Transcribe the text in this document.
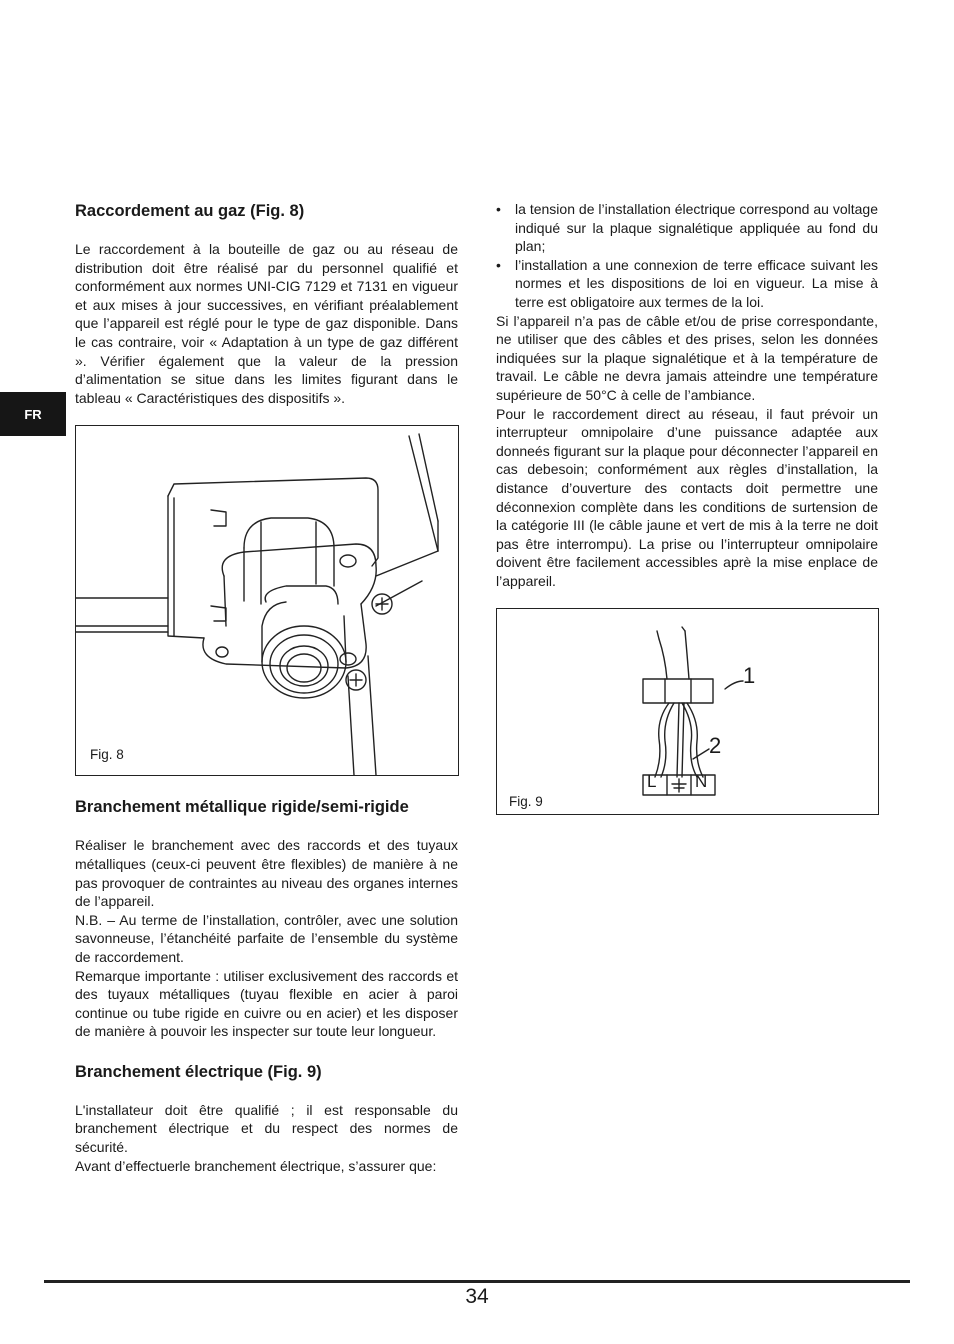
FR
Raccordement au gaz (Fig. 8)

Le raccordement à la bouteille de gaz ou au réseau de distribution doit être réalisé par du personnel qualifié et conformément aux normes UNI-CIG 7129 et 7131 en vigueur et aux mises à jour successives, en vérifiant préalablement que l’appareil est réglé pour le type de gaz disponible. Dans le cas contraire, voir « Adaptation à un type de gaz différent ». Vérifier également que la valeur de la pression d’alimentation se situe dans les limites figurant dans le tableau « Caractéristiques des dispositifs ».

Fig. 8
Branchement métallique rigide/semi-rigide

Réaliser le branchement avec des raccords et des tuyaux métalliques (ceux-ci peuvent être flexibles) de manière à ne pas provoquer de contraintes au niveau des organes internes de l’appareil.

N.B. – Au terme de l’installation, contrôler, avec une solution savonneuse, l’étanchéité parfaite de l’ensemble du système de raccordement.

Remarque importante : utiliser exclusivement des raccords et des tuyaux métalliques (tuyau flexible en acier à paroi continue ou tube rigide en cuivre ou en acier) et les disposer de manière à pouvoir les inspecter sur toute leur longueur.

Branchement électrique (Fig. 9)

L'installateur doit être qualifié ; il est responsable du branchement électrique et du respect des normes de sécurité.

Avant d’effectuerle branchement électrique, s’assurer que:

• la tension de l’installation électrique correspond au voltage indiqué sur la plaque signalétique appliquée au fond du plan;
• l’installation a une connexion de terre efficace suivant les normes et les dispositions de loi en vigueur. La mise à terre est obligatoire aux termes de la loi.

Si l’appareil n’a pas de câble et/ou de prise correspondante, ne utiliser que des câbles et des prises, selon les données indiquées sur la plaque signalétique et à la température de travail. Le câble ne devra jamais atteindre une température supérieure de 50°C à celle de l’ambiance.

Pour le raccordement direct au réseau, il faut prévoir un interrupteur omnipolaire d’une puissance adaptée aux donneés figurant sur la plaque pour déconnecter l’appareil en cas debesoin; conformément aux règles d’installation, la distance d’ouverture des contacts doit permettre une déconnexion complète dans les conditions de surtension de la catégorie III (le câble jaune et vert de mis à la terre ne doit pas être interrompu). La prise ou l’interrupteur omnipolaire doivent être facilement accessibles aprè la mise enplace de l’appareil.

1
2
L N
Fig. 9
34
